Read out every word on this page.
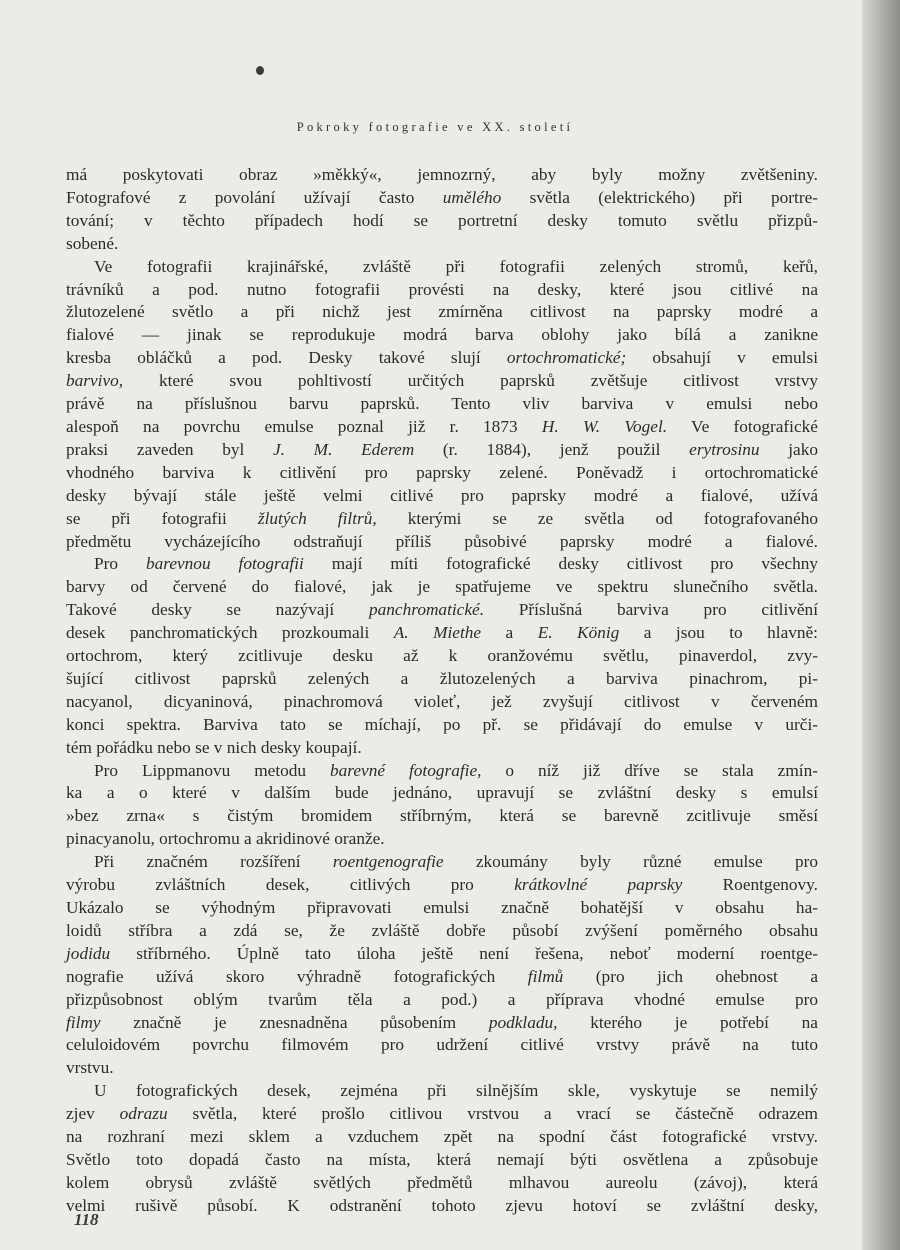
Pokroky fotografie ve XX. století

má poskytovati obraz »měkký«, jemnozrný, aby byly možny zvětšeniny.

Fotografové z povolání užívají často umělého světla (elektrického) při portre-

tování; v těchto případech hodí se portretní desky tomuto světlu přizpů-

sobené.

Ve fotografii krajinářské, zvláště při fotografii zelených stromů, keřů,

trávníků a pod. nutno fotografii provésti na desky, které jsou citlivé na

žlutozelené světlo a při nichž jest zmírněna citlivost na paprsky modré a

fialové — jinak se reprodukuje modrá barva oblohy jako bílá a zanikne

kresba obláčků a pod. Desky takové slují ortochromatické; obsahují v emulsi

barvivo, které svou pohltivostí určitých paprsků zvětšuje citlivost vrstvy

právě na příslušnou barvu paprsků. Tento vliv barviva v emulsi nebo

alespoň na povrchu emulse poznal již r. 1873 H. W. Vogel. Ve fotografické

praksi zaveden byl J. M. Ederem (r. 1884), jenž použil erytrosinu jako

vhodného barviva k citlivění pro paprsky zelené. Poněvadž i ortochromatické

desky bývají stále ještě velmi citlivé pro paprsky modré a fialové, užívá

se při fotografii žlutých filtrů, kterými se ze světla od fotografovaného

předmětu vycházejícího odstraňují příliš působivé paprsky modré a fialové.

Pro barevnou fotografii mají míti fotografické desky citlivost pro všechny

barvy od červené do fialové, jak je spatřujeme ve spektru slunečního světla.

Takové desky se nazývají panchromatické. Příslušná barviva pro citlivění

desek panchromatických prozkoumali A. Miethe a E. König a jsou to hlavně:

ortochrom, který zcitlivuje desku až k oranžovému světlu, pinaverdol, zvy-

šující citlivost paprsků zelených a žlutozelených a barviva pinachrom, pi-

nacyanol, dicyaninová, pinachromová violeť, jež zvyšují citlivost v červeném

konci spektra. Barviva tato se míchají, po př. se přidávají do emulse v urči-

tém pořádku nebo se v nich desky koupají.

Pro Lippmanovu metodu barevné fotografie, o níž již dříve se stala zmín-

ka a o které v dalším bude jednáno, upravují se zvláštní desky s emulsí

»bez zrna« s čistým bromidem stříbrným, která se barevně zcitlivuje směsí

pinacyanolu, ortochromu a akridinové oranže.

Při značném rozšíření roentgenografie zkoumány byly různé emulse pro

výrobu zvláštních desek, citlivých pro krátkovlné paprsky Roentgenovy.

Ukázalo se výhodným připravovati emulsi značně bohatější v obsahu ha-

loidů stříbra a zdá se, že zvláště dobře působí zvýšení poměrného obsahu

jodidu stříbrného. Úplně tato úloha ještě není řešena, neboť moderní roentge-

nografie užívá skoro výhradně fotografických filmů (pro jich ohebnost a

přizpůsobnost oblým tvarům těla a pod.) a příprava vhodné emulse pro

filmy značně je znesnadněna působením podkladu, kterého je potřebí na

celuloidovém povrchu filmovém pro udržení citlivé vrstvy právě na tuto

vrstvu.

U fotografických desek, zejména při silnějším skle, vyskytuje se nemilý

zjev odrazu světla, které prošlo citlivou vrstvou a vrací se částečně odrazem

na rozhraní mezi sklem a vzduchem zpět na spodní část fotografické vrstvy.

Světlo toto dopadá často na místa, která nemají býti osvětlena a způsobuje

kolem obrysů zvláště světlých předmětů mlhavou aureolu (závoj), která

velmi rušivě působí. K odstranění tohoto zjevu hotoví se zvláštní desky,

118
